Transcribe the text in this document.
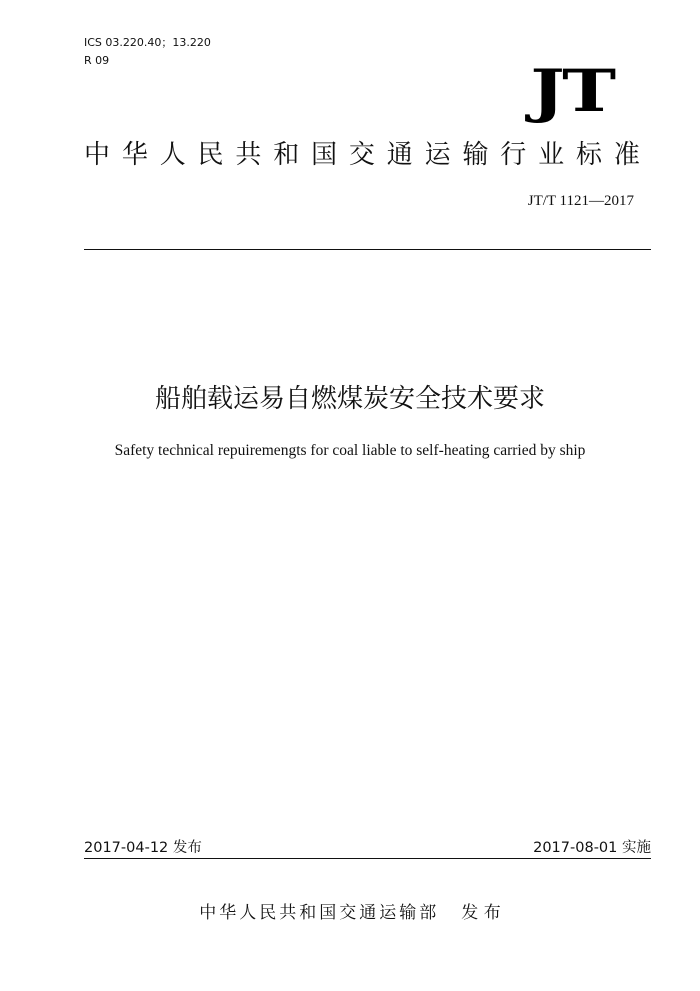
ICS 03.220.40；13.220
R 09	JT
中 华 人 民 共 和 国 交 通 运 输 行 业 标 准
JT/T 1121—2017
船舶载运易自燃煤炭安全技术要求
Safety technical repuiremengts for coal liable to self-heating carried by ship
2017-04-12 发布	2017-08-01 实施
中华人民共和国交通运输部 发 布
